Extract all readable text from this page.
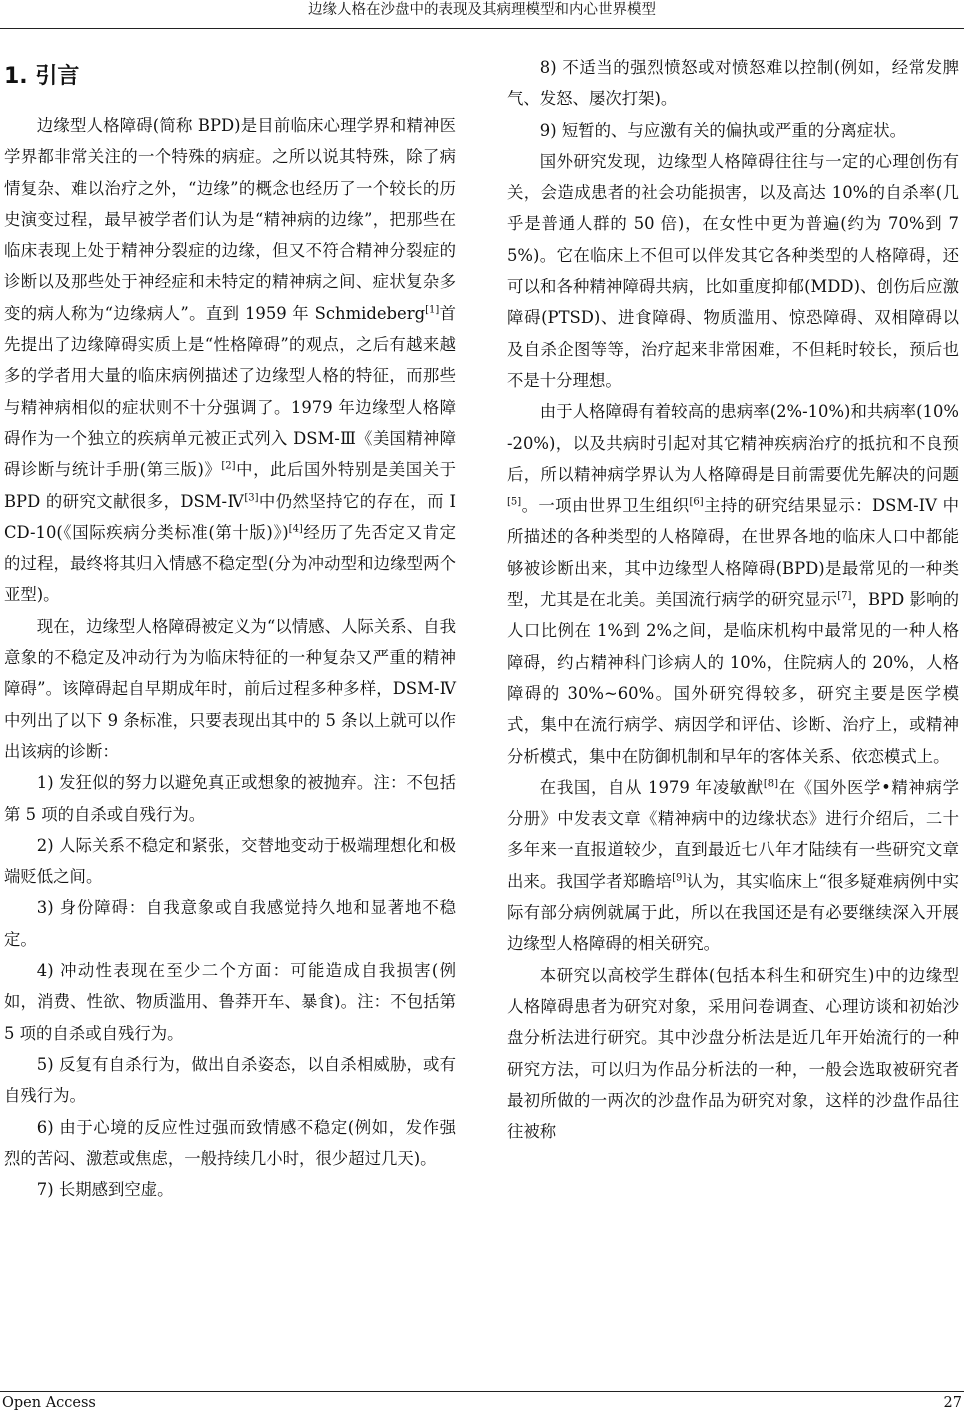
边缘人格在沙盘中的表现及其病理模型和内心世界模型
1. 引言

边缘型人格障碍(简称 BPD)是目前临床心理学界和精神医学界都非常关注的一个特殊的病症。之所以说其特殊，除了病情复杂、难以治疗之外，“边缘”的概念也经历了一个较长的历史演变过程，最早被学者们认为是“精神病的边缘”，把那些在临床表现上处于精神分裂症的边缘，但又不符合精神分裂症的诊断以及那些处于神经症和未特定的精神病之间、症状复杂多变的病人称为“边缘病人”。直到 1959 年 Schmideberg[1]首先提出了边缘障碍实质上是“性格障碍”的观点，之后有越来越多的学者用大量的临床病例描述了边缘型人格的特征，而那些与精神病相似的症状则不十分强调了。1979 年边缘型人格障碍作为一个独立的疾病单元被正式列入 DSM-Ⅲ《美国精神障碍诊断与统计手册(第三版)》[2]中，此后国外特别是美国关于 BPD 的研究文献很多，DSM-Ⅳ[3]中仍然坚持它的存在，而 ICD-10(《国际疾病分类标准(第十版)》)[4]经历了先否定又肯定的过程，最终将其归入情感不稳定型(分为冲动型和边缘型两个亚型)。

现在，边缘型人格障碍被定义为“以情感、人际关系、自我意象的不稳定及冲动行为为临床特征的一种复杂又严重的精神障碍”。该障碍起自早期成年时，前后过程多种多样，DSM-Ⅳ中列出了以下 9 条标准，只要表现出其中的 5 条以上就可以作出该病的诊断：

1) 发狂似的努力以避免真正或想象的被抛弃。注：不包括第 5 项的自杀或自残行为。

2) 人际关系不稳定和紧张，交替地变动于极端理想化和极端贬低之间。

3) 身份障碍：自我意象或自我感觉持久地和显著地不稳定。

4) 冲动性表现在至少二个方面：可能造成自我损害(例如，消费、性欲、物质滥用、鲁莽开车、暴食)。注：不包括第 5 项的自杀或自残行为。

5) 反复有自杀行为，做出自杀姿态，以自杀相威胁，或有自残行为。

6) 由于心境的反应性过强而致情感不稳定(例如，发作强烈的苦闷、激惹或焦虑，一般持续几小时，很少超过几天)。

7) 长期感到空虚。

8) 不适当的强烈愤怒或对愤怒难以控制(例如，经常发脾气、发怒、屡次打架)。

9) 短暂的、与应激有关的偏执或严重的分离症状。

国外研究发现，边缘型人格障碍往往与一定的心理创伤有关，会造成患者的社会功能损害，以及高达 10%的自杀率(几乎是普通人群的 50 倍)，在女性中更为普遍(约为 70%到 75%)。它在临床上不但可以伴发其它各种类型的人格障碍，还可以和各种精神障碍共病，比如重度抑郁(MDD)、创伤后应激障碍(PTSD)、进食障碍、物质滥用、惊恐障碍、双相障碍以及自杀企图等等，治疗起来非常困难，不但耗时较长，预后也不是十分理想。

由于人格障碍有着较高的患病率(2%-10%)和共病率(10%-20%)，以及共病时引起对其它精神疾病治疗的抵抗和不良预后，所以精神病学界认为人格障碍是目前需要优先解决的问题[5]。一项由世界卫生组织[6]主持的研究结果显示：DSM-IV 中所描述的各种类型的人格障碍，在世界各地的临床人口中都能够被诊断出来，其中边缘型人格障碍(BPD)是最常见的一种类型，尤其是在北美。美国流行病学的研究显示[7]，BPD 影响的人口比例在 1%到 2%之间，是临床机构中最常见的一种人格障碍，约占精神科门诊病人的 10%，住院病人的 20%，人格障碍的 30%~60%。国外研究得较多，研究主要是医学模式，集中在流行病学、病因学和评估、诊断、治疗上，或精神分析模式，集中在防御机制和早年的客体关系、依恋模式上。

在我国，自从 1979 年凌敏猷[8]在《国外医学•精神病学分册》中发表文章《精神病中的边缘状态》进行介绍后，二十多年来一直报道较少，直到最近七八年才陆续有一些研究文章出来。我国学者郑瞻培[9]认为，其实临床上“很多疑难病例中实际有部分病例就属于此，所以在我国还是有必要继续深入开展边缘型人格障碍的相关研究。

本研究以高校学生群体(包括本科生和研究生)中的边缘型人格障碍患者为研究对象，采用问卷调查、心理访谈和初始沙盘分析法进行研究。其中沙盘分析法是近几年开始流行的一种研究方法，可以归为作品分析法的一种，一般会选取被研究者最初所做的一两次的沙盘作品为研究对象，这样的沙盘作品往往被称

Open Access	27
